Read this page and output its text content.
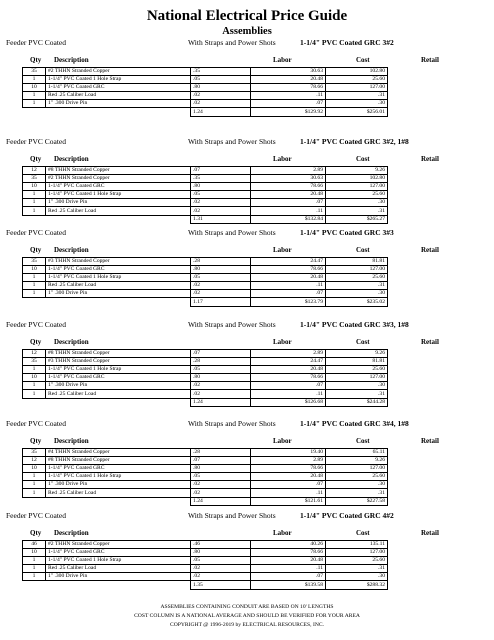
National Electrical Price Guide
Assemblies
Feeder PVC Coated	With Straps and Power Shots	1-1/4" PVC Coated GRC 3#2
Qty Description	Labor	Cost	Retail
35	#2 THHN Stranded Copper	.35	30.63	102.80
1	1-1/4" PVC Coated 1 Hole Strap	.05	20.48	25.60
10	1-1/4" PVC Coated GRC	.80	78.66	127.00
1	Red .25 Caliber Load	.02	.11	.31
1	1" .300 Drive Pin	.02	.07	.30
		1.24	$129.92	$256.01
Feeder PVC Coated	With Straps and Power Shots	1-1/4" PVC Coated GRC 3#2, 1#8
Qty Description	Labor	Cost	Retail
12	#8 THHN Stranded Copper	.07	2.89	9.26
35	#2 THHN Stranded Copper	.35	30.63	102.80
10	1-1/4" PVC Coated GRC	.80	78.66	127.00
1	1-1/4" PVC Coated 1 Hole Strap	.05	20.48	25.60
1	1" .300 Drive Pin	.02	.07	.30
1	Red .25 Caliber Load	.02	.11	.31
		1.31	$132.84	$265.27
Feeder PVC Coated	With Straps and Power Shots	1-1/4" PVC Coated GRC 3#3
Qty Description	Labor	Cost	Retail
35	#3 THHN Stranded Copper	.28	24.47	81.81
10	1-1/4" PVC Coated GRC	.80	78.66	127.00
1	1-1/4" PVC Coated 1 Hole Strap	.05	20.48	25.60
1	Red .25 Caliber Load	.02	.11	.31
1	1" .300 Drive Pin	.02	.07	.30
		1.17	$123.79	$235.02
Feeder PVC Coated	With Straps and Power Shots	1-1/4" PVC Coated GRC 3#3, 1#8
Qty Description	Labor	Cost	Retail
12	#8 THHN Stranded Copper	.07	2.89	9.26
35	#3 THHN Stranded Copper	.28	24.47	81.81
1	1-1/4" PVC Coated 1 Hole Strap	.05	20.48	25.60
10	1-1/4" PVC Coated GRC	.80	78.66	127.00
1	1" .300 Drive Pin	.02	.07	.30
1	Red .25 Caliber Load	.02	.11	.31
		1.24	$126.68	$244.28
Feeder PVC Coated	With Straps and Power Shots	1-1/4" PVC Coated GRC 3#4, 1#8
Qty Description	Labor	Cost	Retail
35	#4 THHN Stranded Copper	.28	19.40	65.11
12	#8 THHN Stranded Copper	.07	2.89	9.26
10	1-1/4" PVC Coated GRC	.80	78.66	127.00
1	1-1/4" PVC Coated 1 Hole Strap	.05	20.48	25.60
1	1" .300 Drive Pin	.02	.07	.30
1	Red .25 Caliber Load	.02	.11	.31
		1.24	$121.61	$227.58
Feeder PVC Coated	With Straps and Power Shots	1-1/4" PVC Coated GRC 4#2
Qty Description	Labor	Cost	Retail
46	#2 THHN Stranded Copper	.46	40.26	135.11
10	1-1/4" PVC Coated GRC	.80	78.66	127.00
1	1-1/4" PVC Coated 1 Hole Strap	.05	20.48	25.60
1	Red .25 Caliber Load	.02	.11	.31
1	1" .300 Drive Pin	.02	.07	.30
		1.35	$139.58	$288.32
ASSEMBLIES CONTAINING CONDUIT ARE BASED ON 10' LENGTHS
COST COLUMN IS A NATIONAL AVERAGE AND SHOULD BE VERIFIED FOR YOUR AREA
COPYRIGHT @ 1996-2019 by ELECTRICAL RESOURCES, INC.
